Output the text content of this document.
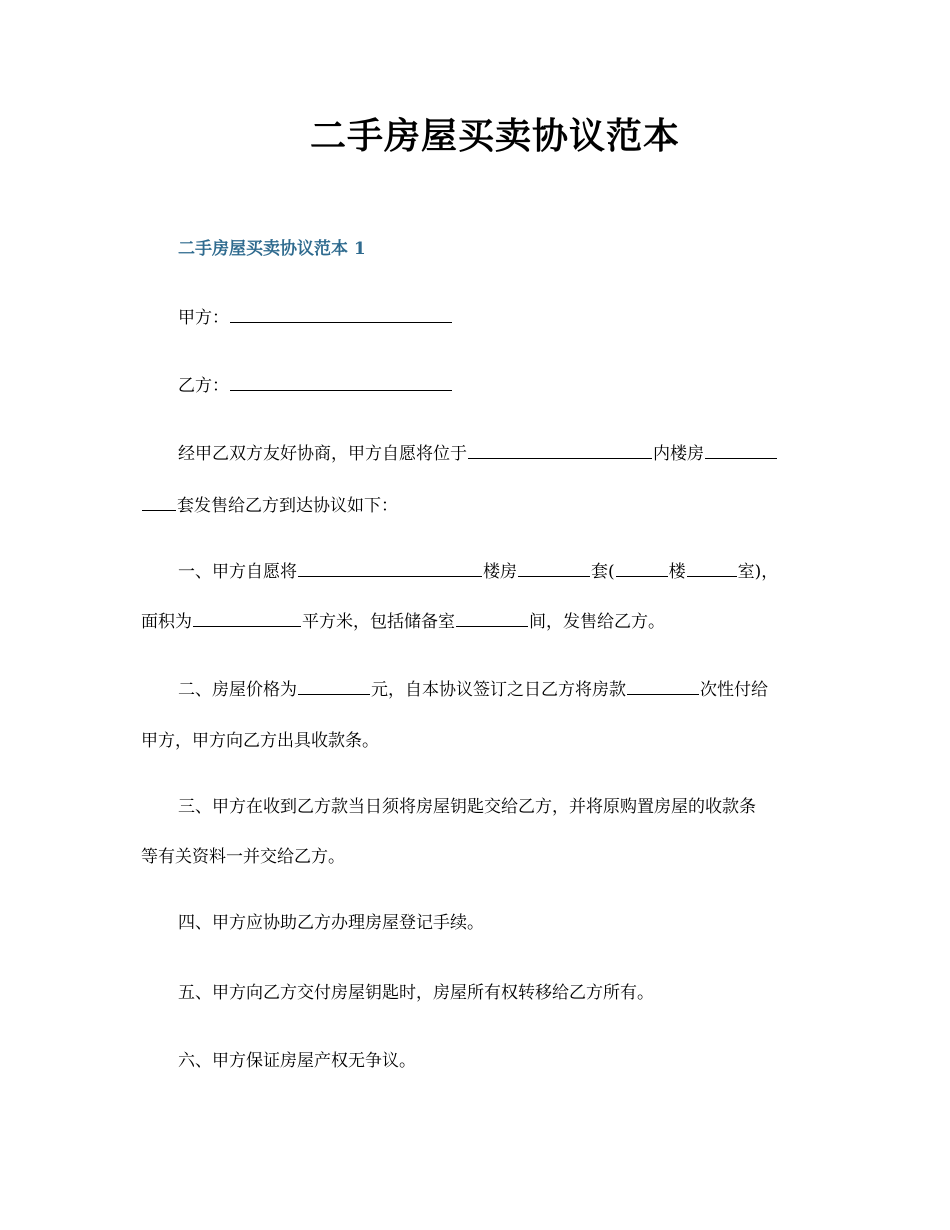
二手房屋买卖协议范本
二手房屋买卖协议范本 1
甲方：
乙方：
经甲乙双方友好协商，甲方自愿将位于	内楼房
套发售给乙方到达协议如下：
一、甲方自愿将	楼房	套(	楼	室)，
面积为	平方米，包括储备室	间，发售给乙方。
二、房屋价格为	元，自本协议签订之日乙方将房款	次性付给
甲方，甲方向乙方出具收款条。
三、甲方在收到乙方款当日须将房屋钥匙交给乙方，并将原购置房屋的收款条
等有关资料一并交给乙方。
四、甲方应协助乙方办理房屋登记手续。
五、甲方向乙方交付房屋钥匙时，房屋所有权转移给乙方所有。
六、甲方保证房屋产权无争议。
